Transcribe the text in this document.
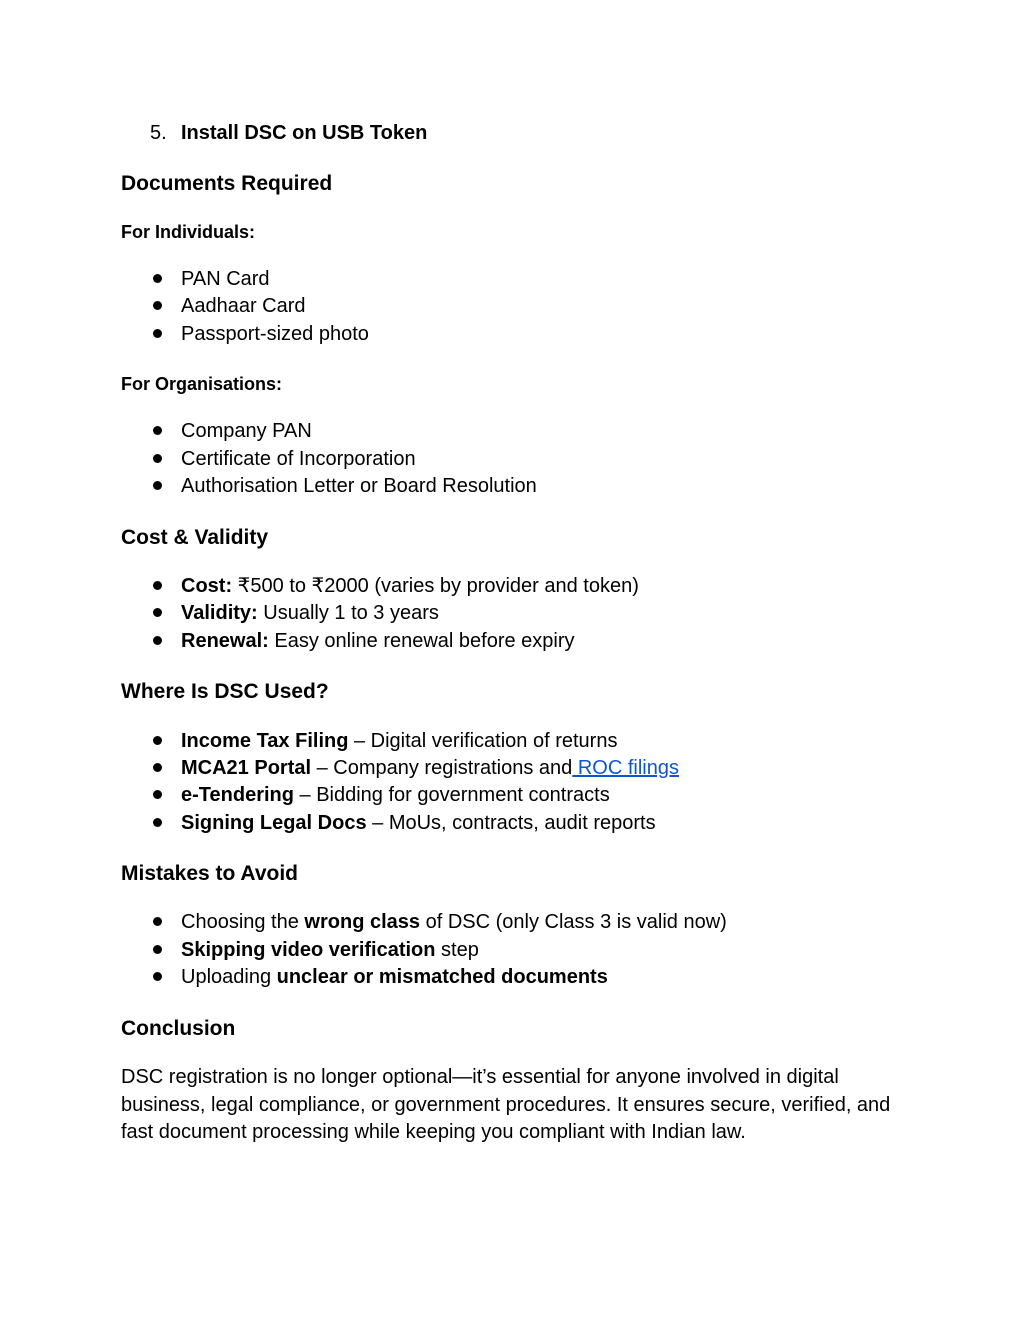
5. Install DSC on USB Token
Documents Required
For Individuals:
PAN Card
Aadhaar Card
Passport-sized photo
For Organisations:
Company PAN
Certificate of Incorporation
Authorisation Letter or Board Resolution
Cost & Validity
Cost: ₹500 to ₹2000 (varies by provider and token)
Validity: Usually 1 to 3 years
Renewal: Easy online renewal before expiry
Where Is DSC Used?
Income Tax Filing – Digital verification of returns
MCA21 Portal – Company registrations and ROC filings
e-Tendering – Bidding for government contracts
Signing Legal Docs – MoUs, contracts, audit reports
Mistakes to Avoid
Choosing the wrong class of DSC (only Class 3 is valid now)
Skipping video verification step
Uploading unclear or mismatched documents
Conclusion
DSC registration is no longer optional—it’s essential for anyone involved in digital business, legal compliance, or government procedures. It ensures secure, verified, and fast document processing while keeping you compliant with Indian law.
